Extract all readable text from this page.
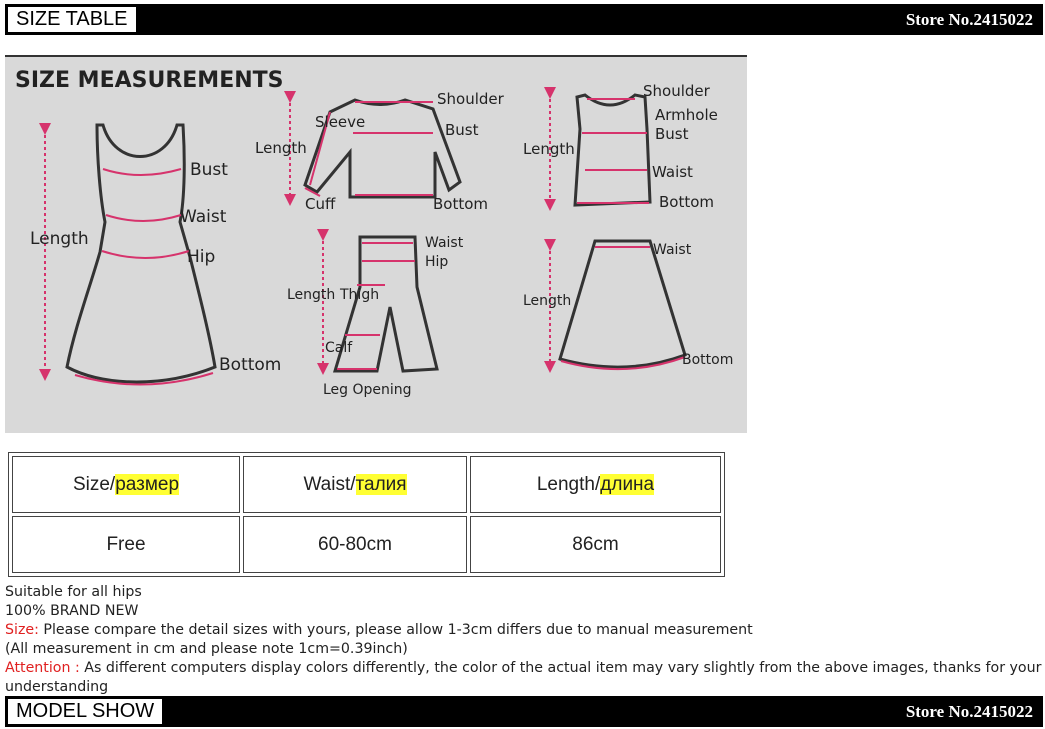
SIZE TABLE	Store No.2415022
SIZE MEASUREMENTS
Bust
Waist
Length
Hip
Bottom
Shoulder
Sleeve	Bust
Length
Cuff	Bottom
Shoulder
Armhole
Bust
Length
Waist
Bottom
Waist
Hip
Length Thigh
Calf
Leg Opening
Waist
Length
Bottom
Size/размер	Waist/талия	Length/длина
Free	60-80cm	86cm

Suitable for all hips

100% BRAND NEW

Size: Please compare the detail sizes with yours, please allow 1-3cm differs due to manual measurement

(All measurement in cm and please note 1cm=0.39inch)

Attention : As different computers display colors differently, the color of the actual item may vary slightly from the above images, thanks for your understanding

MODEL SHOW	Store No.2415022
